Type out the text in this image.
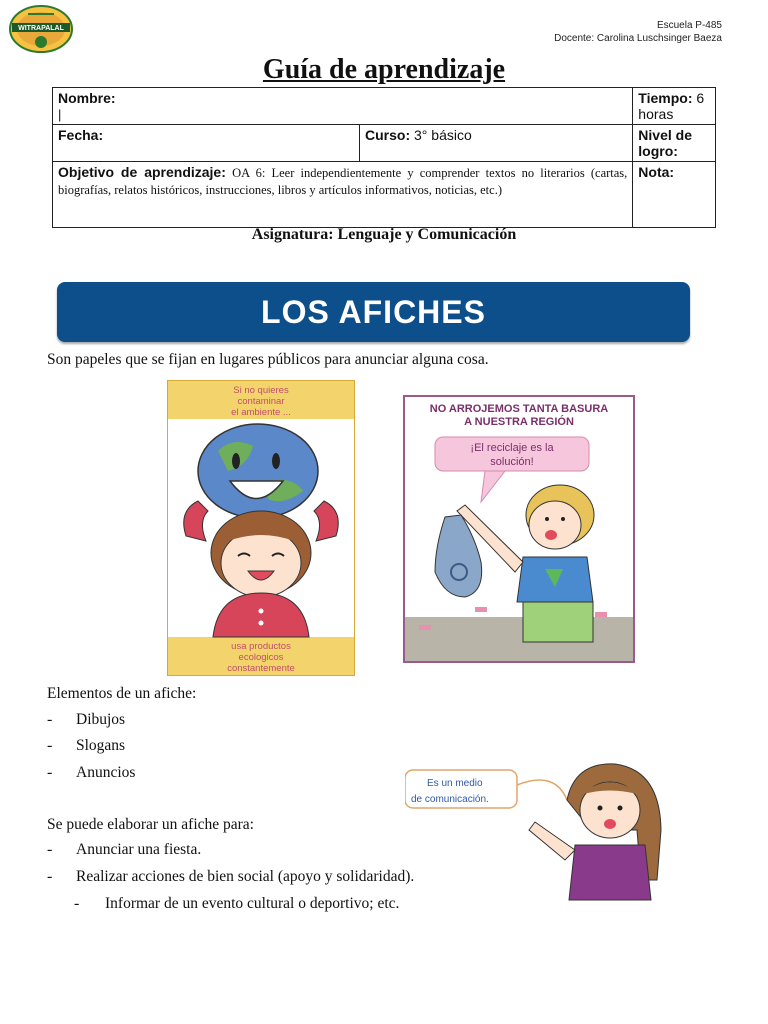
WITRAPALAL	Escuela P-485
Docente: Carolina Luschsinger Baeza
Guía de aprendizaje
Nombre:
|		Tiempo: 6 horas
Fecha:	Curso: 3° básico	Nivel de logro:

Objetivo de aprendizaje: OA 6: Leer independientemente y comprender textos no literarios (cartas, biografías, relatos históricos, instrucciones, libros y artículos informativos, noticias, etc.)		Nota:
Asignatura: Lenguaje y Comunicación
LOS AFICHES
Son papeles que se fijan en lugares públicos para anunciar alguna cosa.
Si no quieres
contaminar
el ambiente ...
usa productos
ecologicos
constantemente
NO ARROJEMOS TANTA BASURA
A NUESTRA REGIÓN
¡El reciclaje es la
solución!
Elementos de un afiche:
- Dibujos
- Slogans
- Anuncios
Se puede elaborar un afiche para:
- Anunciar una fiesta.
- Realizar acciones de bien social (apoyo y solidaridad).
- Informar de un evento cultural o deportivo; etc.
Es un medio
de comunicación.
